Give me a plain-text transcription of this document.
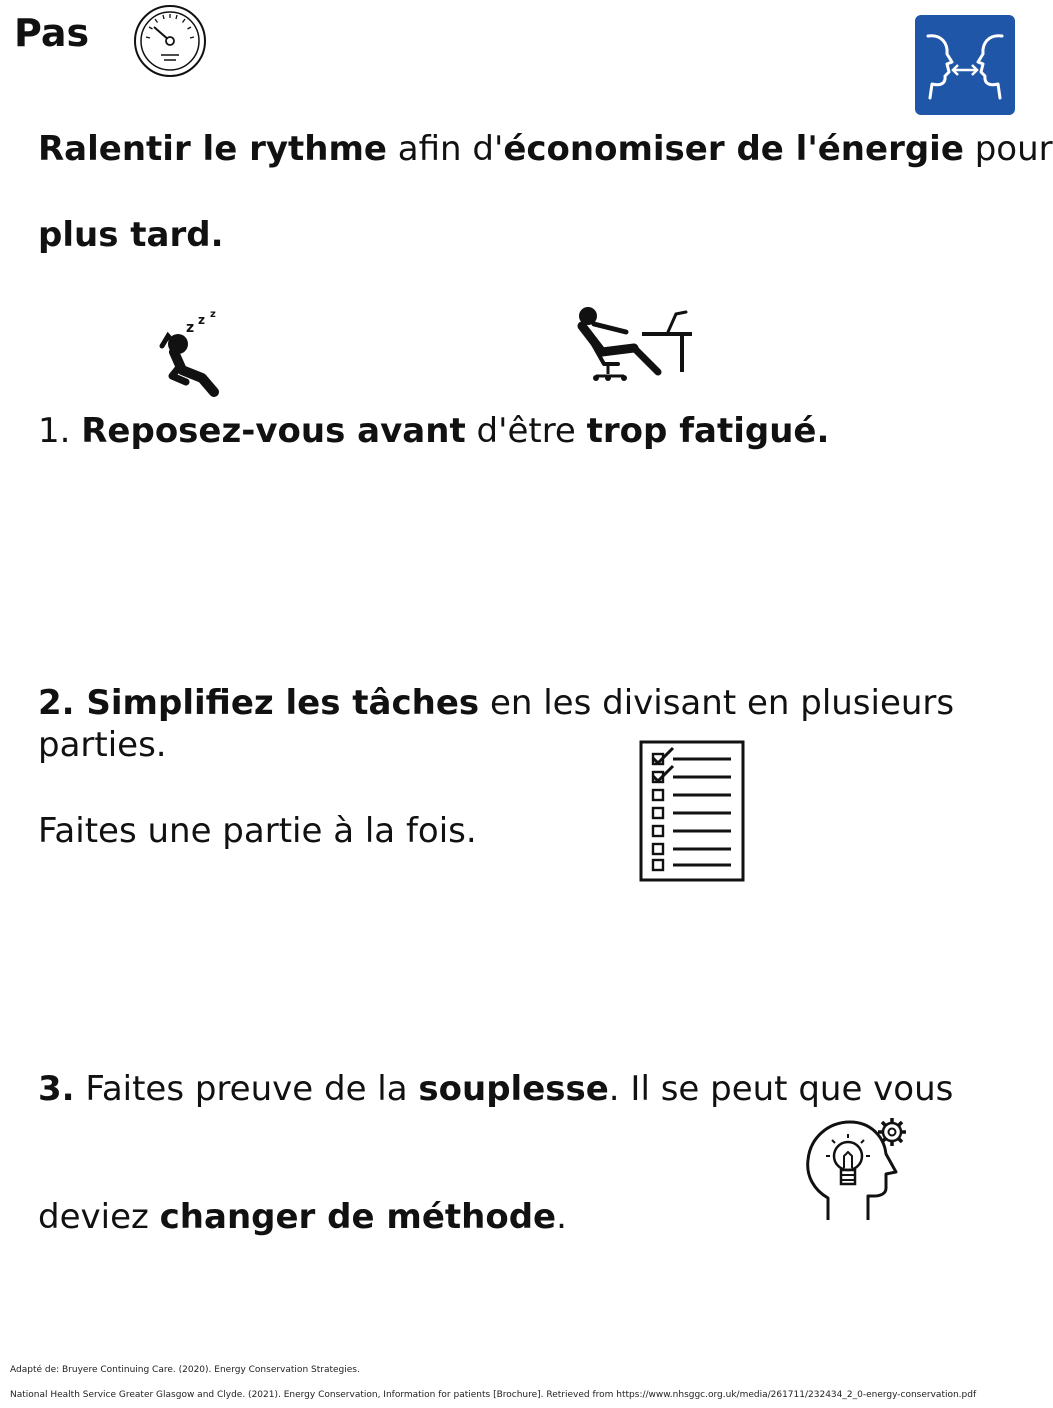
Pas
Ralentir le rythme afin d'économiser de l'énergie pour
plus tard.
z z z
1. Reposez-vous avant d'être trop fatigué.
2. Simplifiez les tâches en les divisant en plusieurs
parties.
Faites une partie à la fois.
3. Faites preuve de la souplesse. Il se peut que vous
deviez changer de méthode.
Adapté de: Bruyere Continuing Care. (2020). Energy Conservation Strategies.
National Health Service Greater Glasgow and Clyde. (2021). Energy Conservation, Information for patients [Brochure]. Retrieved from https://www.nhsggc.org.uk/media/261711/232434_2_0-energy-conservation.pdf
